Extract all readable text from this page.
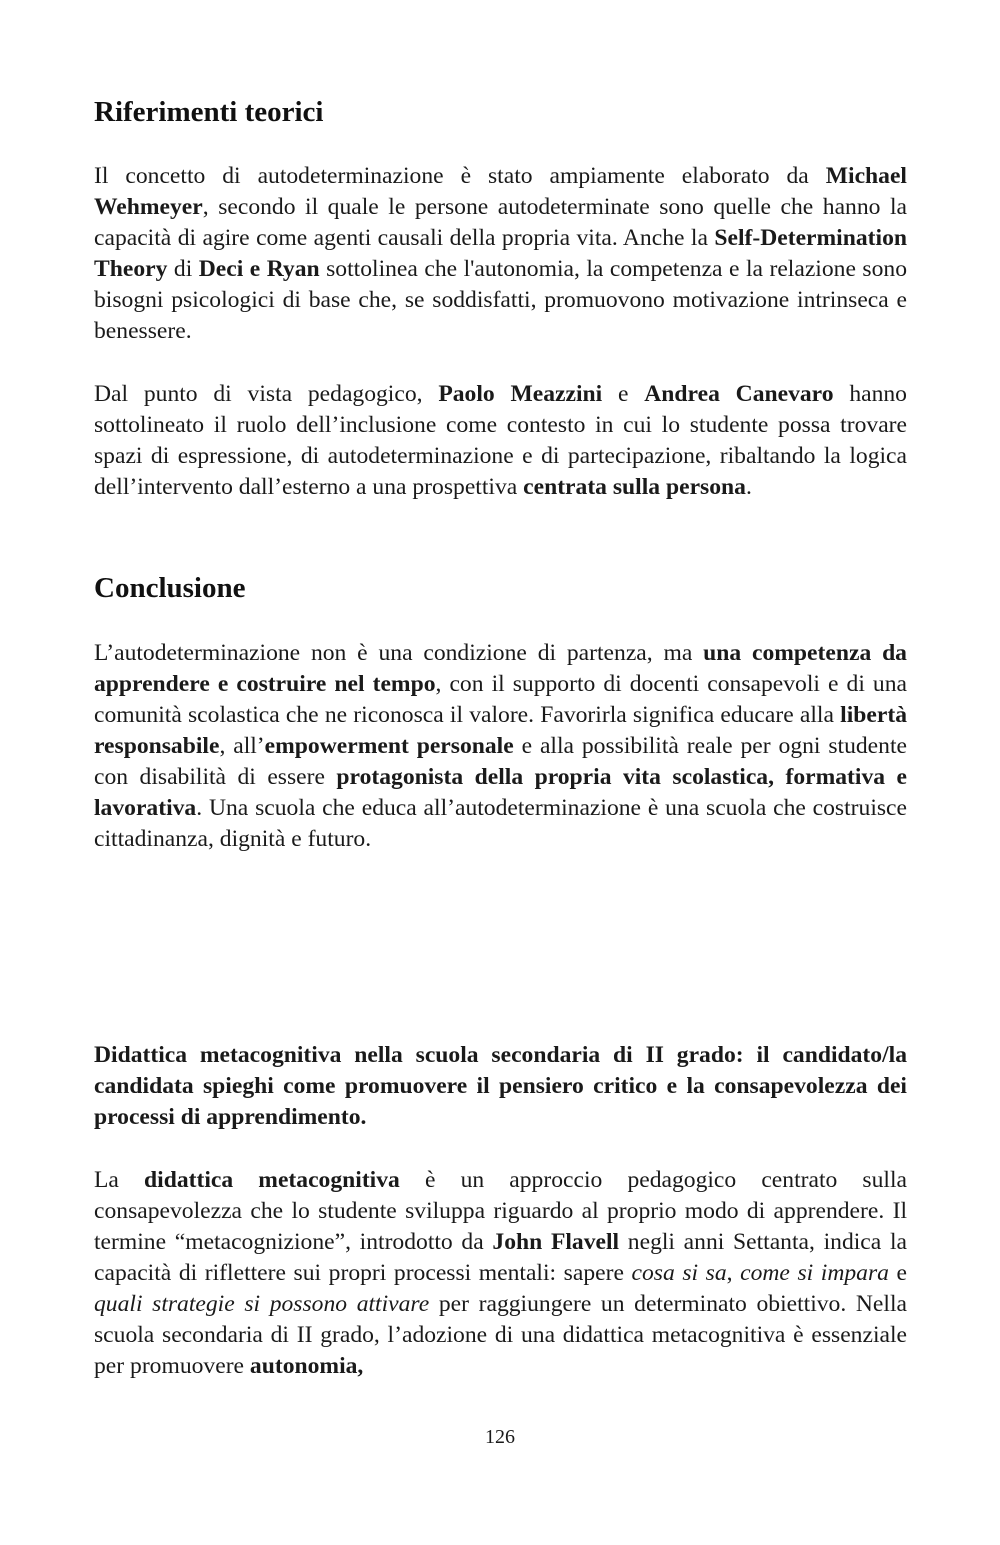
Riferimenti teorici

Il concetto di autodeterminazione è stato ampiamente elaborato da Michael Wehmeyer, secondo il quale le persone autodeterminate sono quelle che hanno la capacità di agire come agenti causali della propria vita. Anche la Self-Determination Theory di Deci e Ryan sottolinea che l'autonomia, la competenza e la relazione sono bisogni psicologici di base che, se soddisfatti, promuovono motivazione intrinseca e benessere.

Dal punto di vista pedagogico, Paolo Meazzini e Andrea Canevaro hanno sottolineato il ruolo dell’inclusione come contesto in cui lo studente possa trovare spazi di espressione, di autodeterminazione e di partecipazione, ribaltando la logica dell’intervento dall’esterno a una prospettiva centrata sulla persona.

Conclusione

L’autodeterminazione non è una condizione di partenza, ma una competenza da apprendere e costruire nel tempo, con il supporto di docenti consapevoli e di una comunità scolastica che ne riconosca il valore. Favorirla significa educare alla libertà responsabile, all’empowerment personale e alla possibilità reale per ogni studente con disabilità di essere protagonista della propria vita scolastica, formativa e lavorativa. Una scuola che educa all’autodeterminazione è una scuola che costruisce cittadinanza, dignità e futuro.

Didattica metacognitiva nella scuola secondaria di II grado: il candidato/la candidata spieghi come promuovere il pensiero critico e la consapevolezza dei processi di apprendimento.

La didattica metacognitiva è un approccio pedagogico centrato sulla consapevolezza che lo studente sviluppa riguardo al proprio modo di apprendere. Il termine “metacognizione”, introdotto da John Flavell negli anni Settanta, indica la capacità di riflettere sui propri processi mentali: sapere cosa si sa, come si impara e quali strategie si possono attivare per raggiungere un determinato obiettivo. Nella scuola secondaria di II grado, l’adozione di una didattica metacognitiva è essenziale per promuovere autonomia,

126
